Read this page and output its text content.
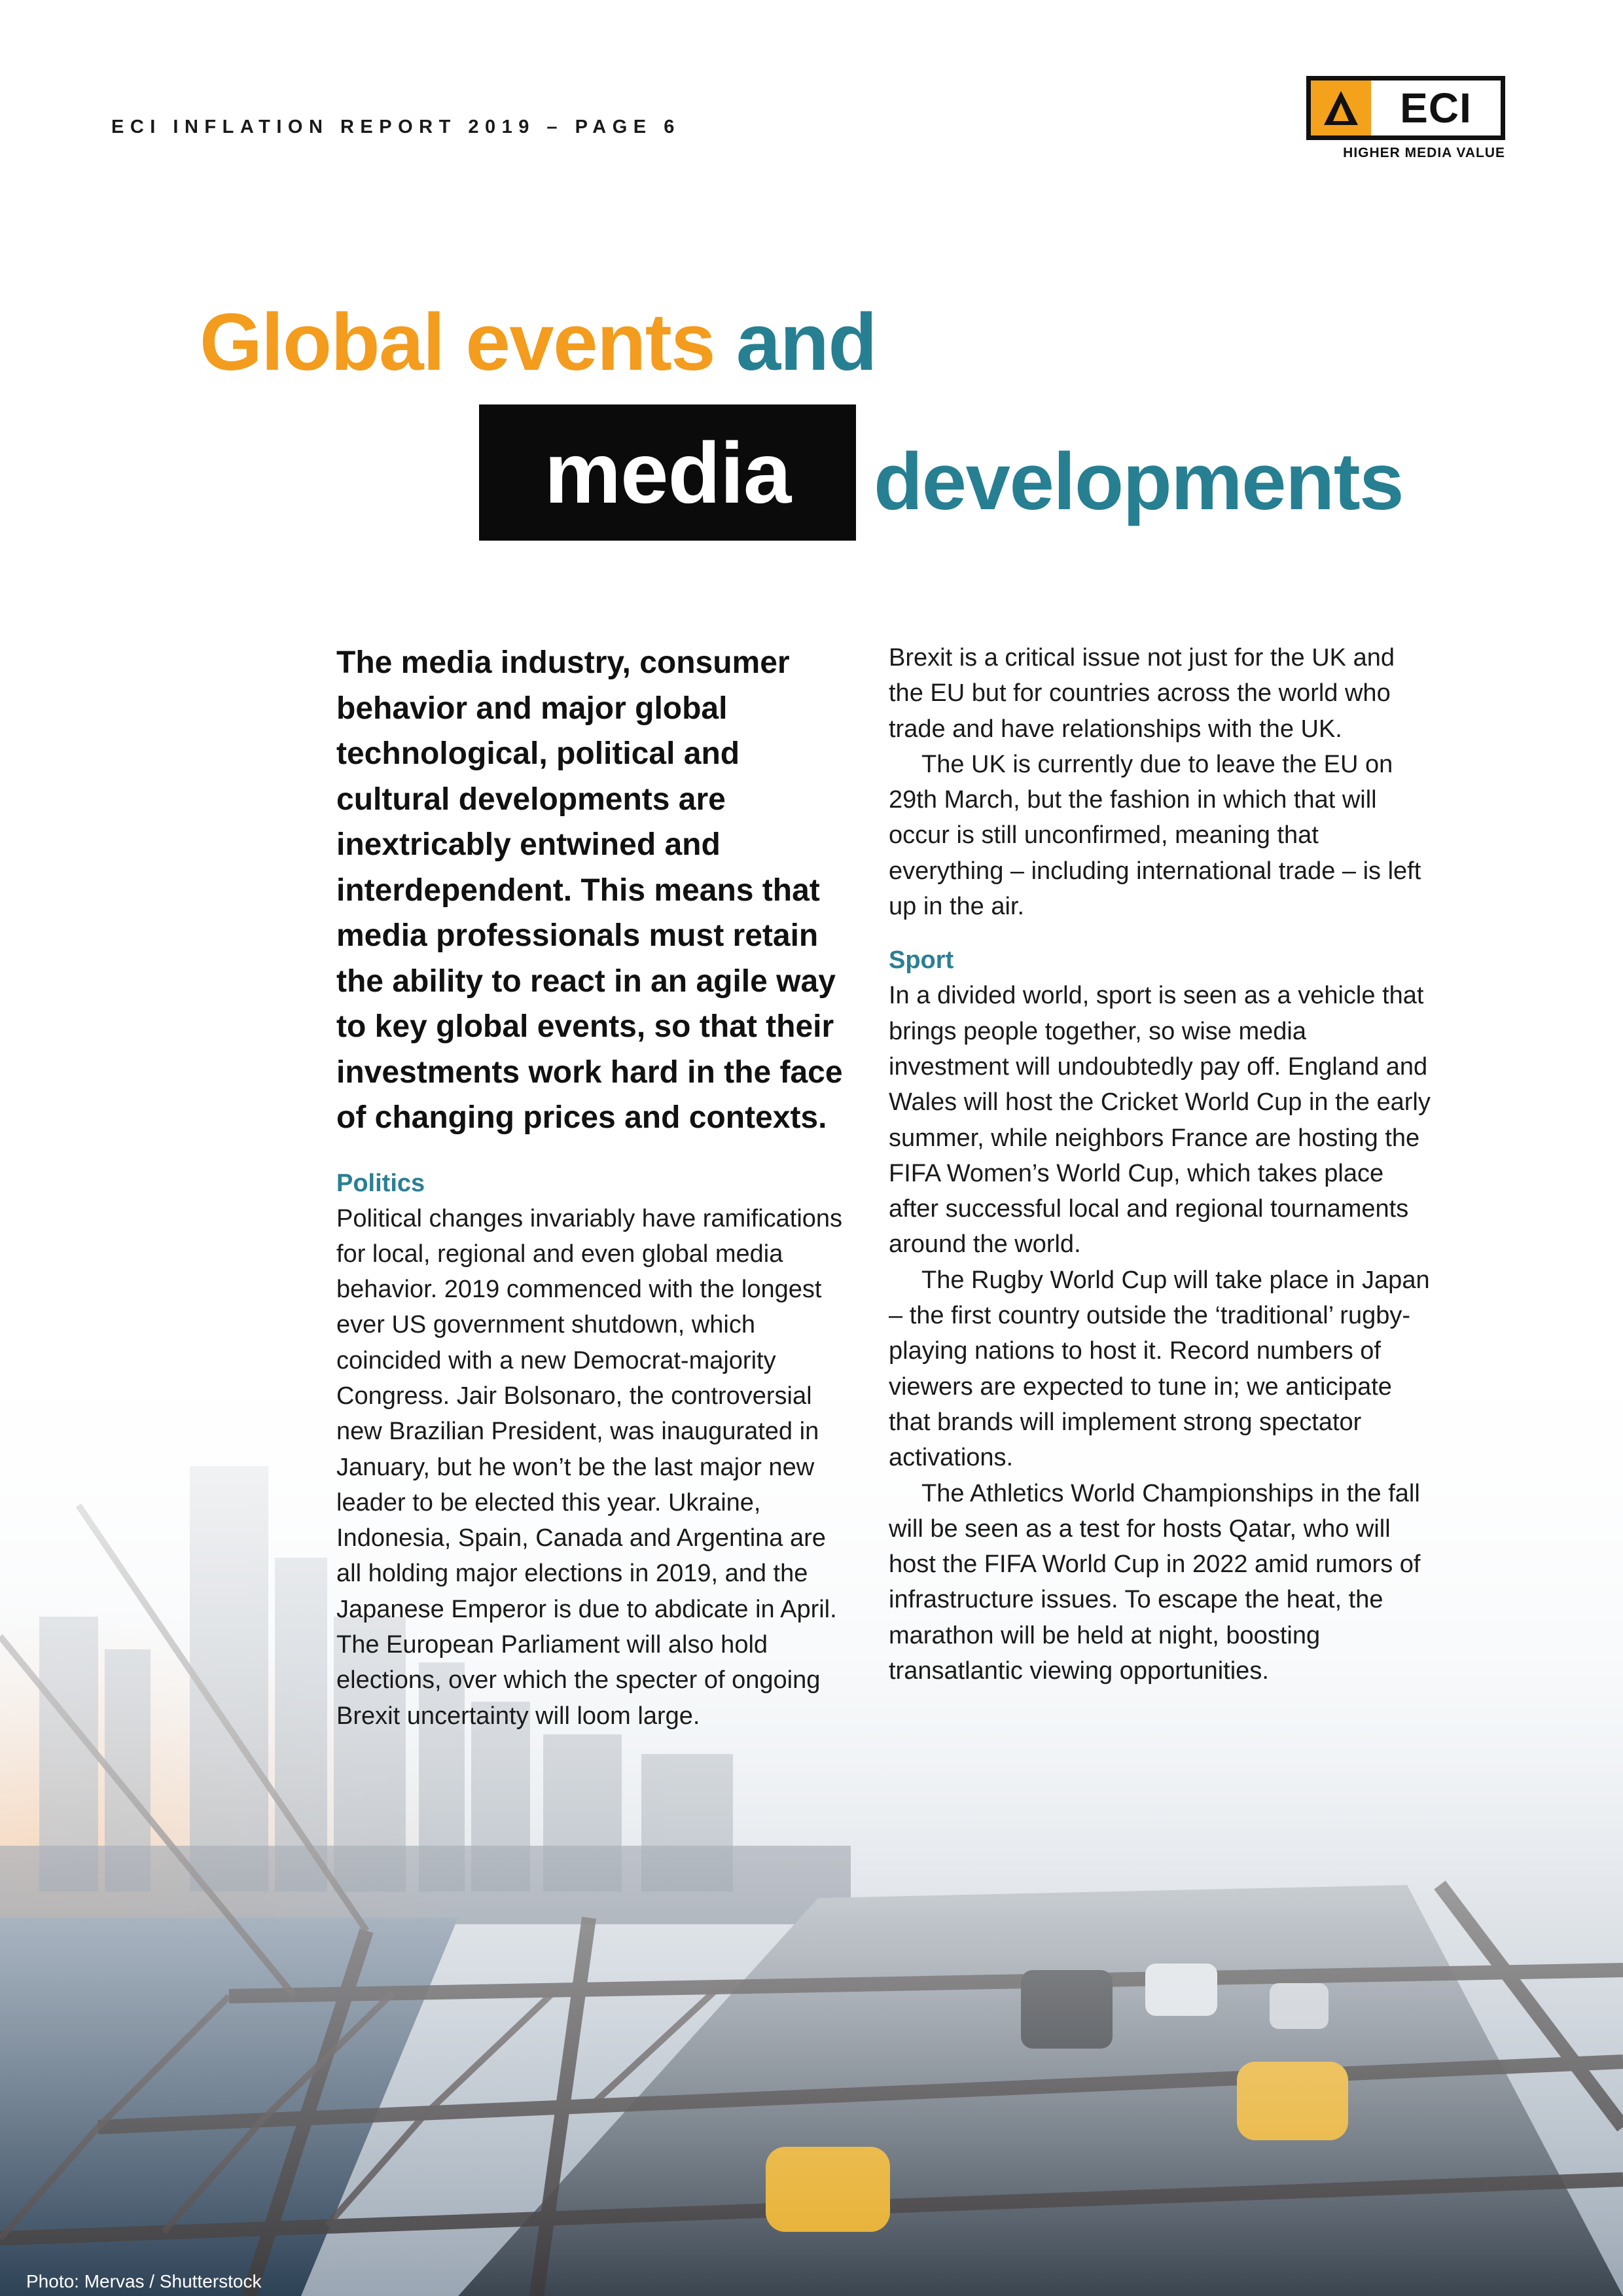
ECI INFLATION REPORT 2019 – PAGE 6	ECI
HIGHER MEDIA VALUE
Global events and
media	developments

The media industry, consumer behavior and major global technological, political and cultural developments are inextricably entwined and interdependent. This means that media professionals must retain the ability to react in an agile way to key global events, so that their investments work hard in the face of changing prices and contexts.

Politics

Political changes invariably have ramifications for local, regional and even global media behavior. 2019 commenced with the longest ever US government shutdown, which coincided with a new Democrat-majority Congress. Jair Bolsonaro, the controversial new Brazilian President, was inaugurated in January, but he won’t be the last major new leader to be elected this year. Ukraine, Indonesia, Spain, Canada and Argentina are all holding major elections in 2019, and the Japanese Emperor is due to abdicate in April. The European Parliament will also hold elections, over which the specter of ongoing Brexit uncertainty will loom large.

Brexit is a critical issue not just for the UK and the EU but for countries across the world who trade and have relationships with the UK.

The UK is currently due to leave the EU on 29th March, but the fashion in which that will occur is still unconfirmed, meaning that everything – including international trade – is left up in the air.

Sport

In a divided world, sport is seen as a vehicle that brings people together, so wise media investment will undoubtedly pay off. England and Wales will host the Cricket World Cup in the early summer, while neighbors France are hosting the FIFA Women’s World Cup, which takes place after successful local and regional tournaments around the world.

The Rugby World Cup will take place in Japan – the first country outside the ‘traditional’ rugby-playing nations to host it. Record numbers of viewers are expected to tune in; we anticipate that brands will implement strong spectator activations.

The Athletics World Championships in the fall will be seen as a test for hosts Qatar, who will host the FIFA World Cup in 2022 amid rumors of infrastructure issues. To escape the heat, the marathon will be held at night, boosting transatlantic viewing opportunities.

Photo: Mervas / Shutterstock
